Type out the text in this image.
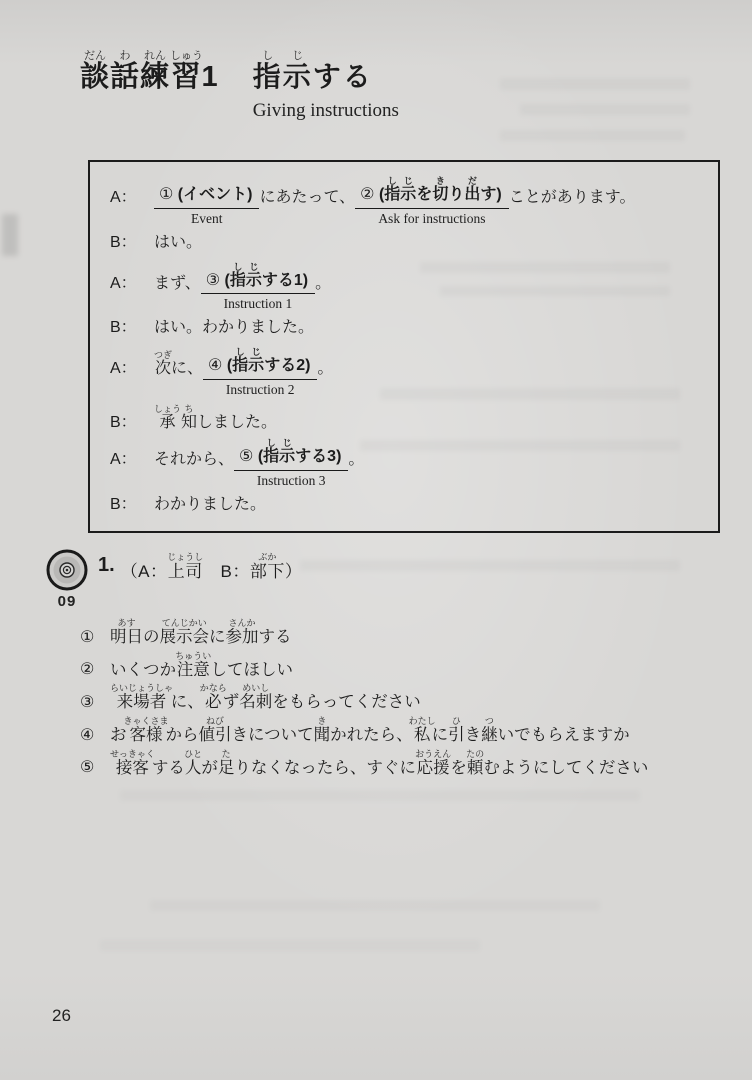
談だん話わ練れん習しゅう1 指し示じする
Giving instructions
A：	① (イベント)
Event
にあたって、 ② (指し示じを切きり出だす)
Ask for instructions
ことがあります。
B：	はい。
A：	まず、 ③ (指し示じする1)
Instruction 1
。
B：	はい。わかりました。
A：	次つぎに、 ④ (指し示じする2)
Instruction 2
。
B：	承しょう知ちしました。
A：	それから、 ⑤ (指し示じする3)
Instruction 3
。
B：	わかりました。
09
1. （A：上司じょうし　B：部下ぶか）
① 明日あすの展示会てんじかいに参加さんかする
② いくつか注意ちゅういしてほしい
③ 来場者らいじょうしゃに、必かならず名刺めいしをもらってください
④ お客様きゃくさまから値引ねびきについて聞きかれたら、私わたしに引ひき継ついでもらえますか
⑤ 接客せっきゃくする人ひとが足たりなくなったら、すぐに応援おうえんを頼たのむようにしてください
26
